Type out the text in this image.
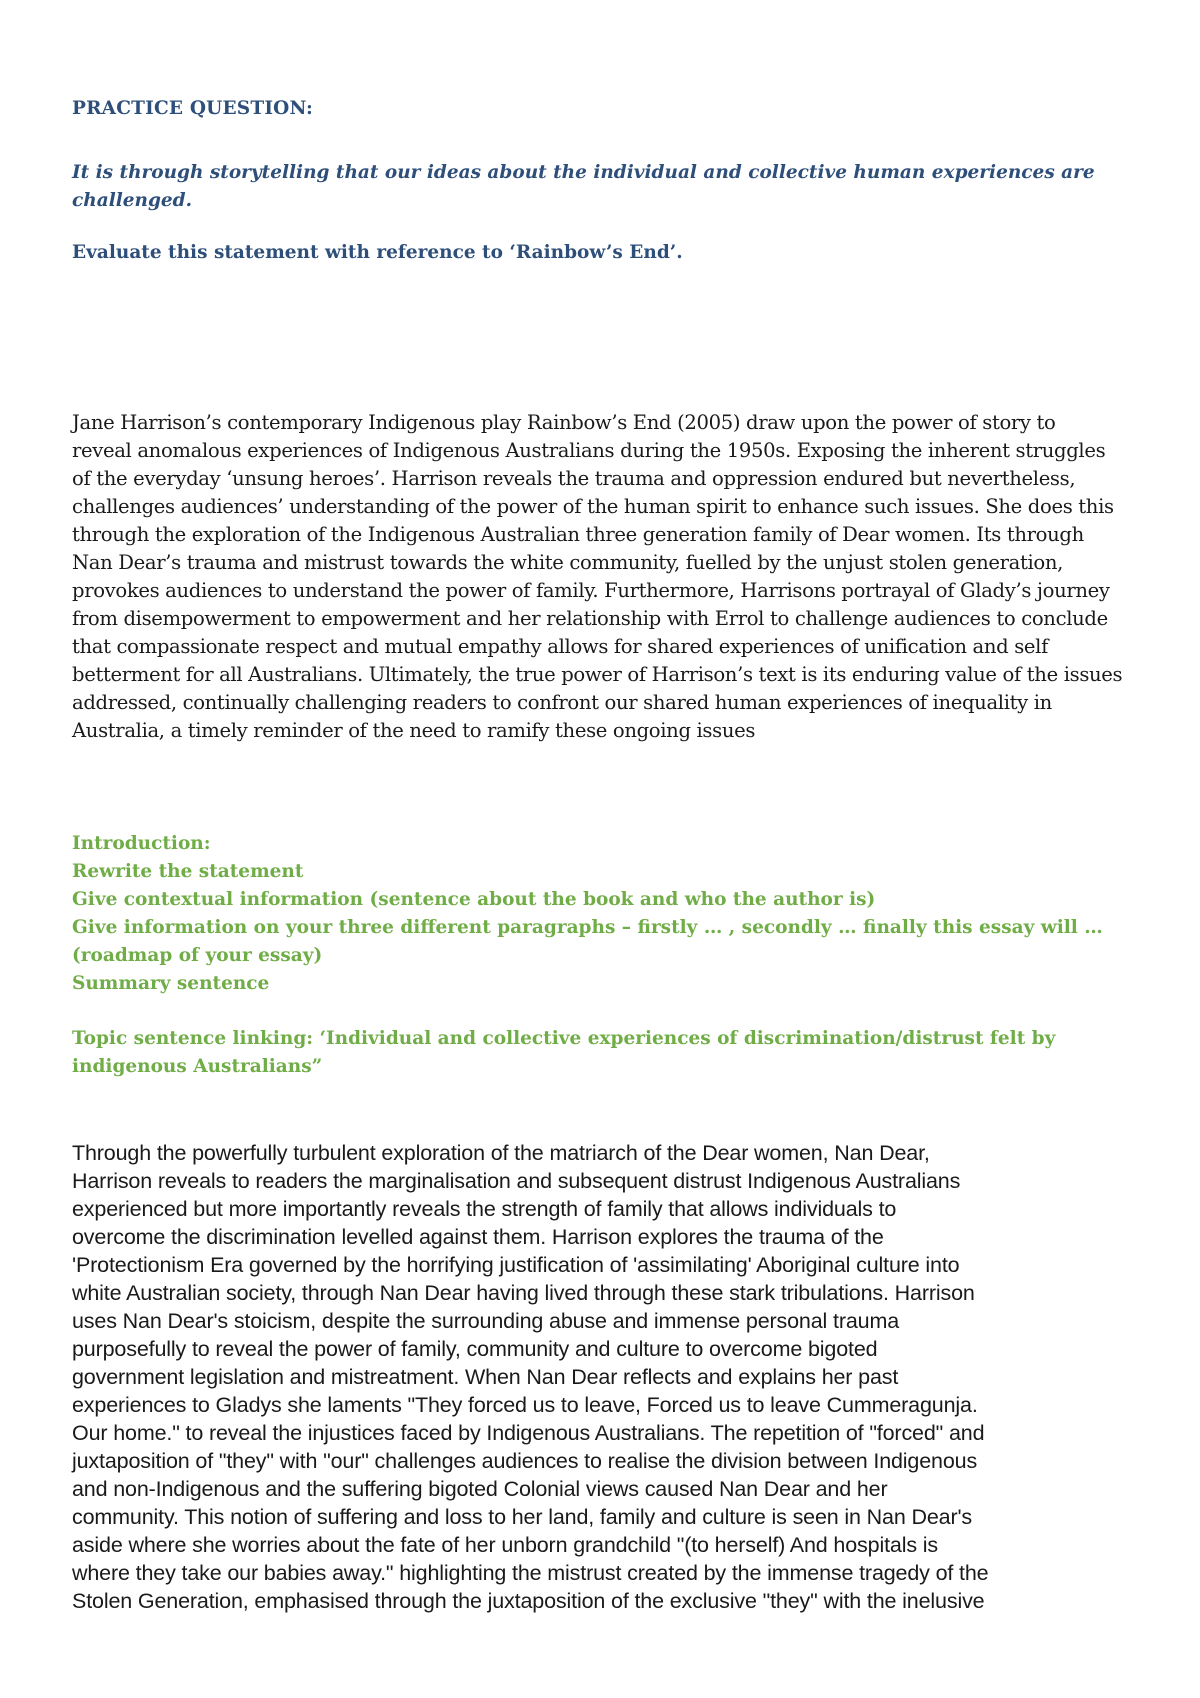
PRACTICE QUESTION:

It is through storytelling that our ideas about the individual and collective human experiences are
challenged.

Evaluate this statement with reference to ‘Rainbow’s End’.

Jane Harrison’s contemporary Indigenous play Rainbow’s End (2005) draw upon the power of story to
reveal anomalous experiences of Indigenous Australians during the 1950s. Exposing the inherent struggles
of the everyday ‘unsung heroes’. Harrison reveals the trauma and oppression endured but nevertheless,
challenges audiences’ understanding of the power of the human spirit to enhance such issues. She does this
through the exploration of the Indigenous Australian three generation family of Dear women. Its through
Nan Dear’s trauma and mistrust towards the white community, fuelled by the unjust stolen generation,
provokes audiences to understand the power of family. Furthermore, Harrisons portrayal of Glady’s journey
from disempowerment to empowerment and her relationship with Errol to challenge audiences to conclude
that compassionate respect and mutual empathy allows for shared experiences of unification and self
betterment for all Australians. Ultimately, the true power of Harrison’s text is its enduring value of the issues
addressed, continually challenging readers to confront our shared human experiences of inequality in
Australia, a timely reminder of the need to ramify these ongoing issues

Introduction:
Rewrite the statement
Give contextual information (sentence about the book and who the author is)
Give information on your three different paragraphs – firstly … , secondly … finally this essay will …
(roadmap of your essay)
Summary sentence
Topic sentence linking: ‘Individual and collective experiences of discrimination/distrust felt by
indigenous Australians”

Through the powerfully turbulent exploration of the matriarch of the Dear women, Nan Dear,
Harrison reveals to readers the marginalisation and subsequent distrust Indigenous Australians
experienced but more importantly reveals the strength of family that allows individuals to
overcome the discrimination levelled against them. Harrison explores the trauma of the
'Protectionism Era governed by the horrifying justification of 'assimilating' Aboriginal culture into
white Australian society, through Nan Dear having lived through these stark tribulations. Harrison
uses Nan Dear's stoicism, despite the surrounding abuse and immense personal trauma
purposefully to reveal the power of family, community and culture to overcome bigoted
government legislation and mistreatment. When Nan Dear reflects and explains her past
experiences to Gladys she laments "They forced us to leave, Forced us to leave Cummeragunja.
Our home." to reveal the injustices faced by Indigenous Australians. The repetition of "forced" and
juxtaposition of "they" with "our" challenges audiences to realise the division between Indigenous
and non-Indigenous and the suffering bigoted Colonial views caused Nan Dear and her
community. This notion of suffering and loss to her land, family and culture is seen in Nan Dear's
aside where she worries about the fate of her unborn grandchild "(to herself) And hospitals is
where they take our babies away." highlighting the mistrust created by the immense tragedy of the
Stolen Generation, emphasised through the juxtaposition of the exclusive "they" with the inelusive
